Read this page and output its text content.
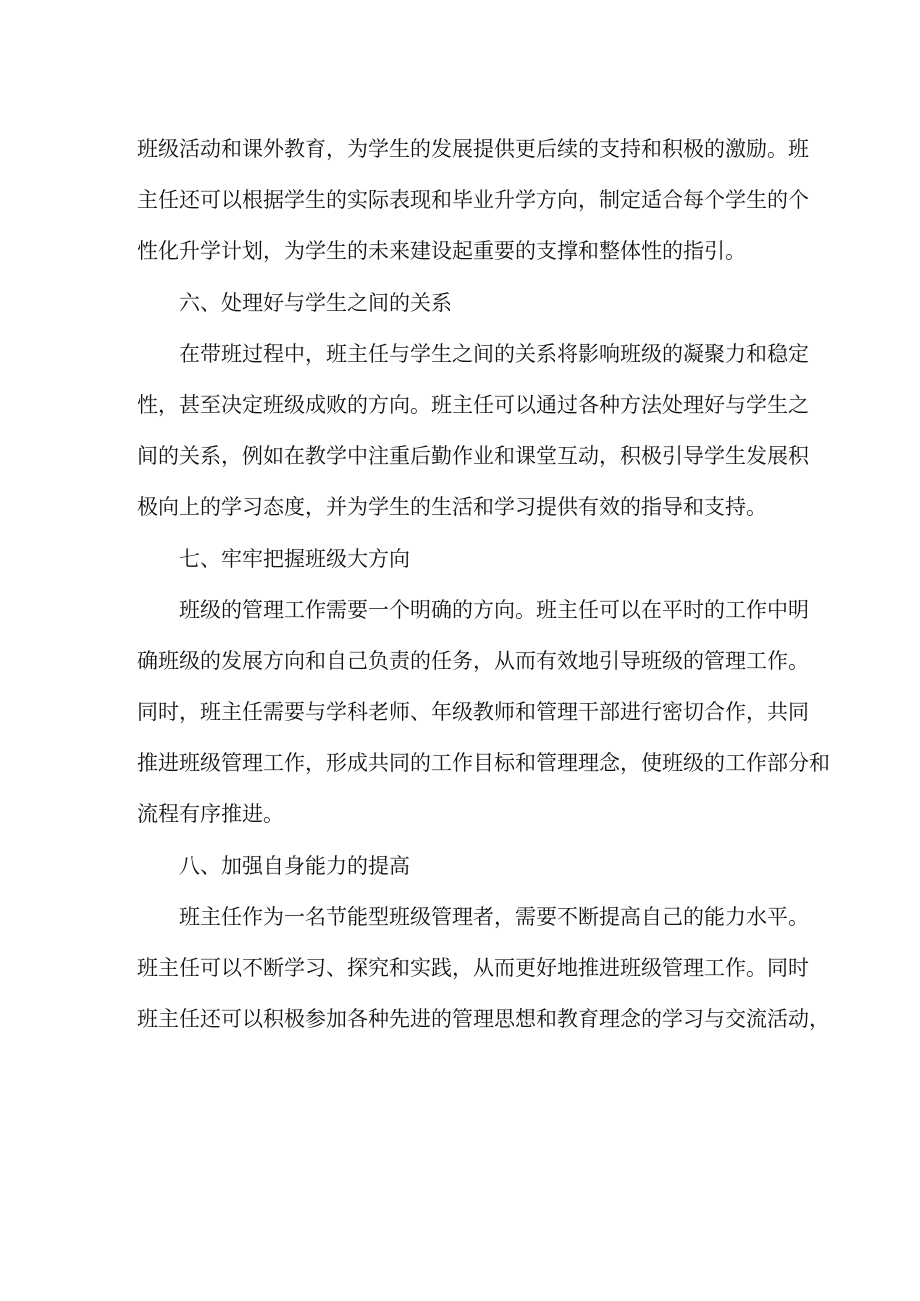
班级活动和课外教育，为学生的发展提供更后续的支持和积极的激励。班
主任还可以根据学生的实际表现和毕业升学方向，制定适合每个学生的个
性化升学计划，为学生的未来建设起重要的支撑和整体性的指引。
六、处理好与学生之间的关系
在带班过程中，班主任与学生之间的关系将影响班级的凝聚力和稳定
性，甚至决定班级成败的方向。班主任可以通过各种方法处理好与学生之
间的关系，例如在教学中注重后勤作业和课堂互动，积极引导学生发展积
极向上的学习态度，并为学生的生活和学习提供有效的指导和支持。
七、牢牢把握班级大方向
班级的管理工作需要一个明确的方向。班主任可以在平时的工作中明
确班级的发展方向和自己负责的任务，从而有效地引导班级的管理工作。
同时，班主任需要与学科老师、年级教师和管理干部进行密切合作，共同
推进班级管理工作，形成共同的工作目标和管理理念，使班级的工作部分和
流程有序推进。
八、加强自身能力的提高
班主任作为一名节能型班级管理者，需要不断提高自己的能力水平。
班主任可以不断学习、探究和实践，从而更好地推进班级管理工作。同时
班主任还可以积极参加各种先进的管理思想和教育理念的学习与交流活动，
